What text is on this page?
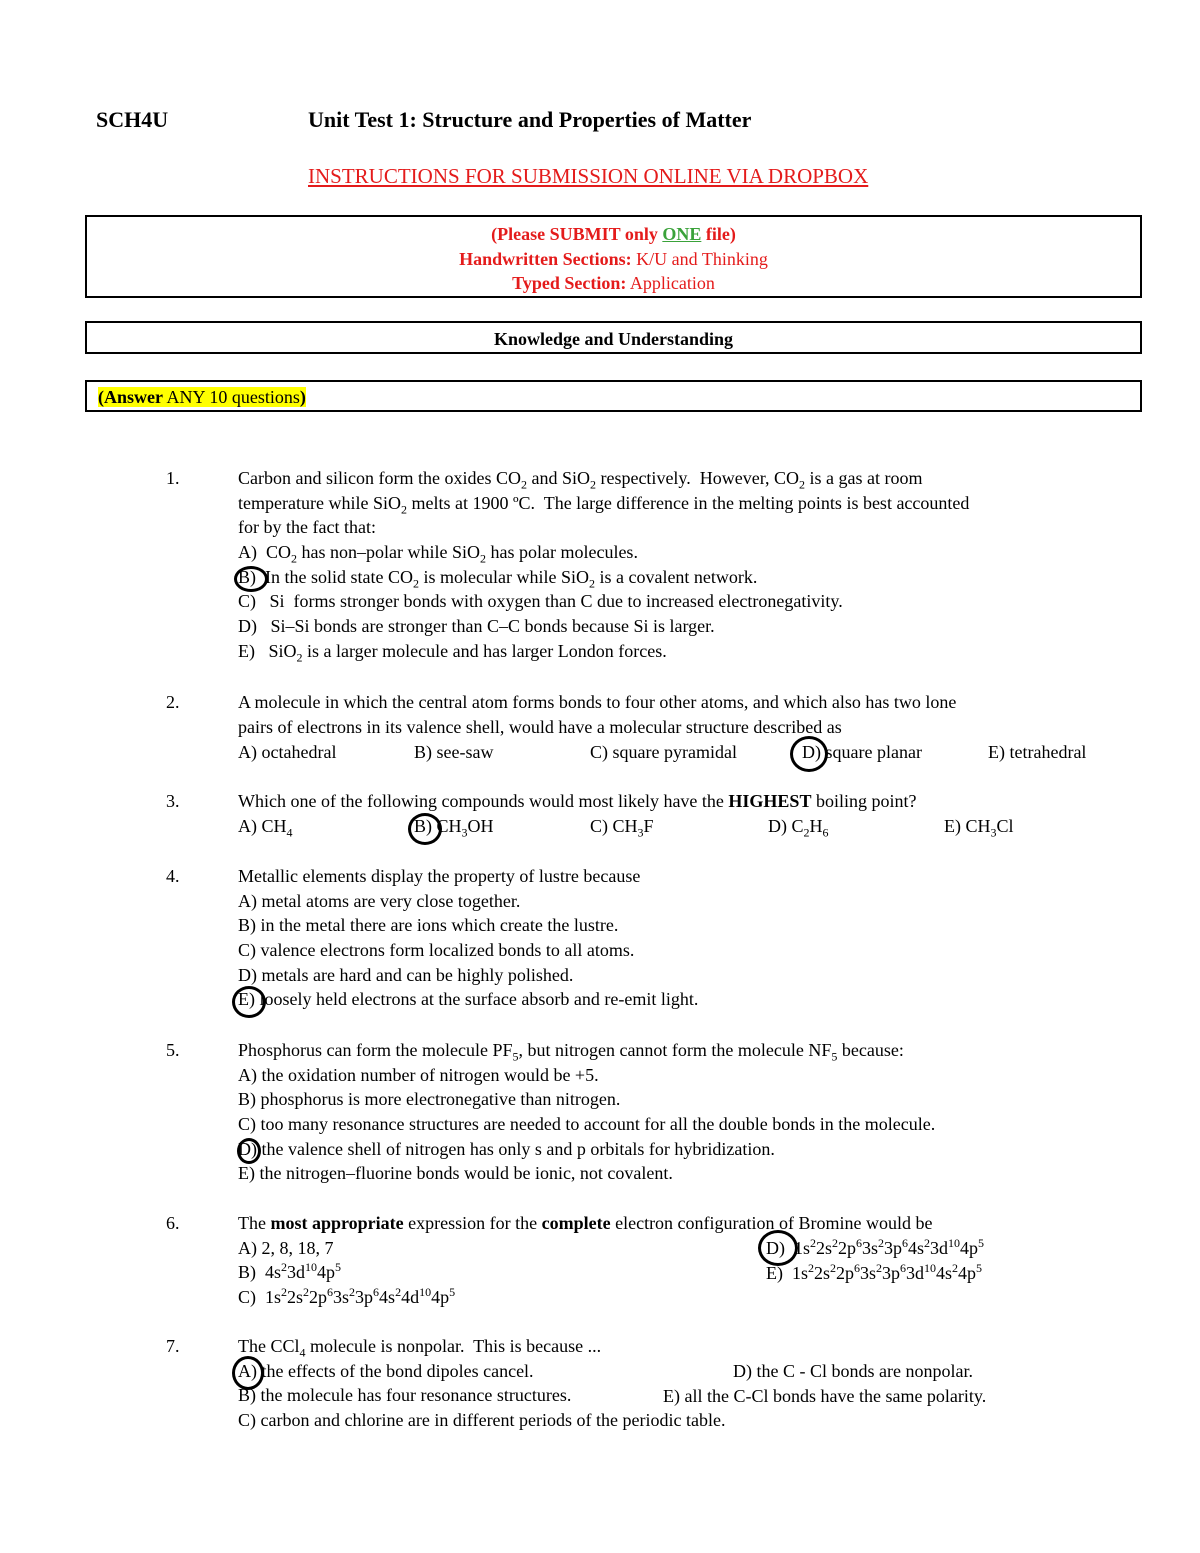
SCH4U	Unit Test 1: Structure and Properties of Matter
INSTRUCTIONS FOR SUBMISSION ONLINE VIA DROPBOX
(Please SUBMIT only ONE file)
Handwritten Sections: K/U and Thinking
Typed Section: Application
Knowledge and Understanding
(Answer ANY 10 questions)
1.	Carbon and silicon form the oxides $CO_2$ and SiO$_2$ respectively.  However, $CO_2$ is a gas at room
temperature while SiO$_2$ melts at 1900 ºC.  The large difference in the melting points is best accounted
for by the fact that:
A)  $CO_2$ has non–polar while SiO$_2$ has polar molecules.
B)  In the solid state $CO_2$ is molecular while SiO$_2$ is a covalent network.
C)   Si  forms stronger bonds with oxygen than C due to increased electronegativity.
D)   Si–Si bonds are stronger than C–C bonds because Si is larger.
E)   SiO$_2$ is a larger molecule and has larger London forces.
2.	A molecule in which the central atom forms bonds to four other atoms, and which also has two lone
pairs of electrons in its valence shell, would have a molecular structure described as
A) octahedral	B) see-saw	C) square pyramidal	D) square planar	E) tetrahedral
3.	Which one of the following compounds would most likely have the HIGHEST boiling point?
A) $CH_4$	B) $CH_3OH$	C) $CH_3F$	D) $C_2H_6$	E) $CH_3Cl$
4.	Metallic elements display the property of lustre because
A) metal atoms are very close together.
B) in the metal there are ions which create the lustre.
C) valence electrons form localized bonds to all atoms.
D) metals are hard and can be highly polished.
E) loosely held electrons at the surface absorb and re-emit light.
5.	Phosphorus can form the molecule $PF_5$, but nitrogen cannot form the molecule $NF_5$ because:
A) the oxidation number of nitrogen would be +5.
B) phosphorus is more electronegative than nitrogen.
C) too many resonance structures are needed to account for all the double bonds in the molecule.
D) the valence shell of nitrogen has only s and p orbitals for hybridization.
E) the nitrogen–fluorine bonds would be ionic, not covalent.
6.	The most appropriate expression for the complete electron configuration of Bromine would be
A) 2, 8, 18, 7
B)  $4s^23d^{10}4p^5$
C)  $1s^22s^22p^63s^23p^64s^24d^{10}4p^5$
D)  $1s^22s^22p^63s^23p^64s^23d^{10}4p^5$
E)  $1s^22s^22p^63s^23p^63d^{10}4s^24p^5$
7.	The CCl$_4$ molecule is nonpolar.  This is because ...
A) the effects of the bond dipoles cancel.
B) the molecule has four resonance structures.
C) carbon and chlorine are in different periods of the periodic table.
D) the C - Cl bonds are nonpolar.
E) all the C-Cl bonds have the same polarity.
